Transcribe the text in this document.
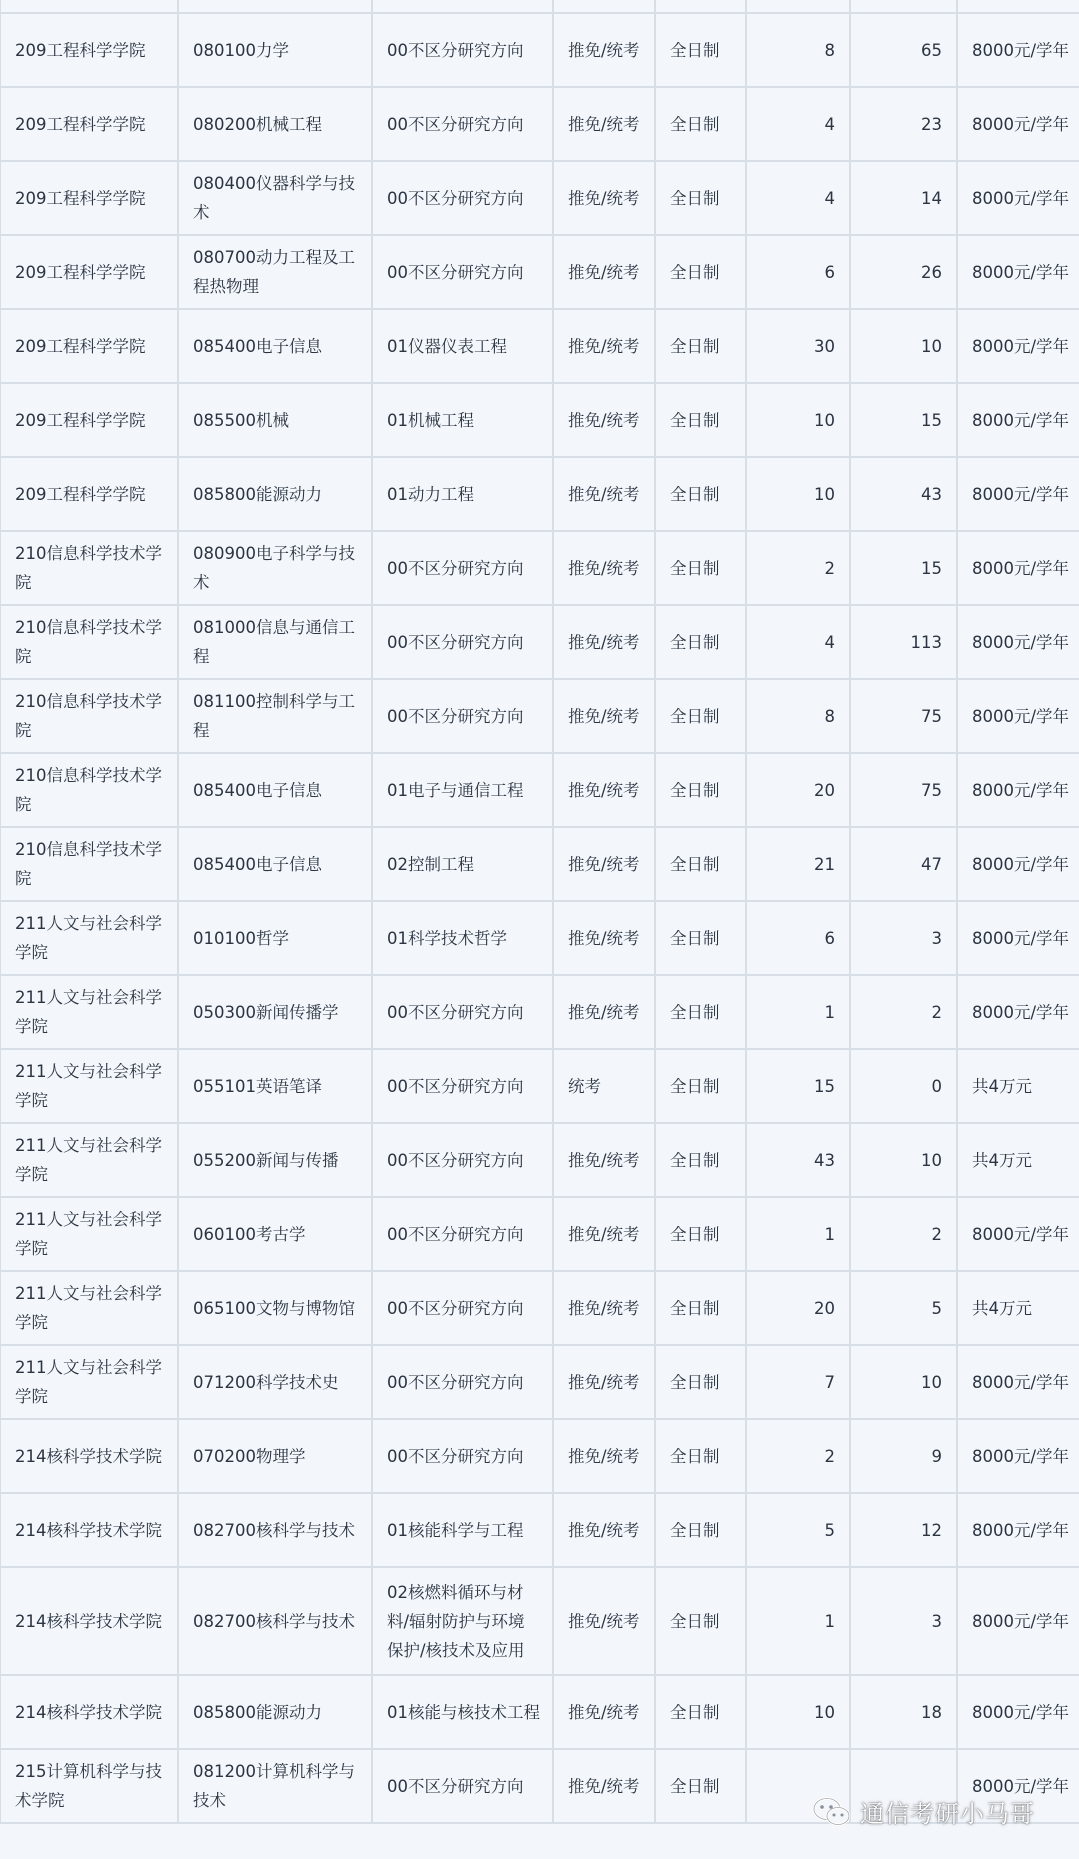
209工程科学学院	080100力学	00不区分研究方向	推免/统考	全日制	8	65	8000元/学年
209工程科学学院	080200机械工程	00不区分研究方向	推免/统考	全日制	4	23	8000元/学年
209工程科学学院	080400仪器科学与技术	00不区分研究方向	推免/统考	全日制	4	14	8000元/学年
209工程科学学院	080700动力工程及工程热物理	00不区分研究方向	推免/统考	全日制	6	26	8000元/学年
209工程科学学院	085400电子信息	01仪器仪表工程	推免/统考	全日制	30	10	8000元/学年
209工程科学学院	085500机械	01机械工程	推免/统考	全日制	10	15	8000元/学年
209工程科学学院	085800能源动力	01动力工程	推免/统考	全日制	10	43	8000元/学年
210信息科学技术学院	080900电子科学与技术	00不区分研究方向	推免/统考	全日制	2	15	8000元/学年
210信息科学技术学院	081000信息与通信工程	00不区分研究方向	推免/统考	全日制	4	113	8000元/学年
210信息科学技术学院	081100控制科学与工程	00不区分研究方向	推免/统考	全日制	8	75	8000元/学年
210信息科学技术学院	085400电子信息	01电子与通信工程	推免/统考	全日制	20	75	8000元/学年
210信息科学技术学院	085400电子信息	02控制工程	推免/统考	全日制	21	47	8000元/学年
211人文与社会科学学院	010100哲学	01科学技术哲学	推免/统考	全日制	6	3	8000元/学年
211人文与社会科学学院	050300新闻传播学	00不区分研究方向	推免/统考	全日制	1	2	8000元/学年
211人文与社会科学学院	055101英语笔译	00不区分研究方向	统考	全日制	15	0	共4万元
211人文与社会科学学院	055200新闻与传播	00不区分研究方向	推免/统考	全日制	43	10	共4万元
211人文与社会科学学院	060100考古学	00不区分研究方向	推免/统考	全日制	1	2	8000元/学年
211人文与社会科学学院	065100文物与博物馆	00不区分研究方向	推免/统考	全日制	20	5	共4万元
211人文与社会科学学院	071200科学技术史	00不区分研究方向	推免/统考	全日制	7	10	8000元/学年
214核科学技术学院	070200物理学	00不区分研究方向	推免/统考	全日制	2	9	8000元/学年
214核科学技术学院	082700核科学与技术	01核能科学与工程	推免/统考	全日制	5	12	8000元/学年
214核科学技术学院	082700核科学与技术	02核燃料循环与材料/辐射防护与环境保护/核技术及应用	推免/统考	全日制	1	3	8000元/学年
214核科学技术学院	085800能源动力	01核能与核技术工程	推免/统考	全日制	10	18	8000元/学年
215计算机科学与技术学院	081200计算机科学与技术	00不区分研究方向	推免/统考	全日制			8000元/学年
通信考研小马哥
